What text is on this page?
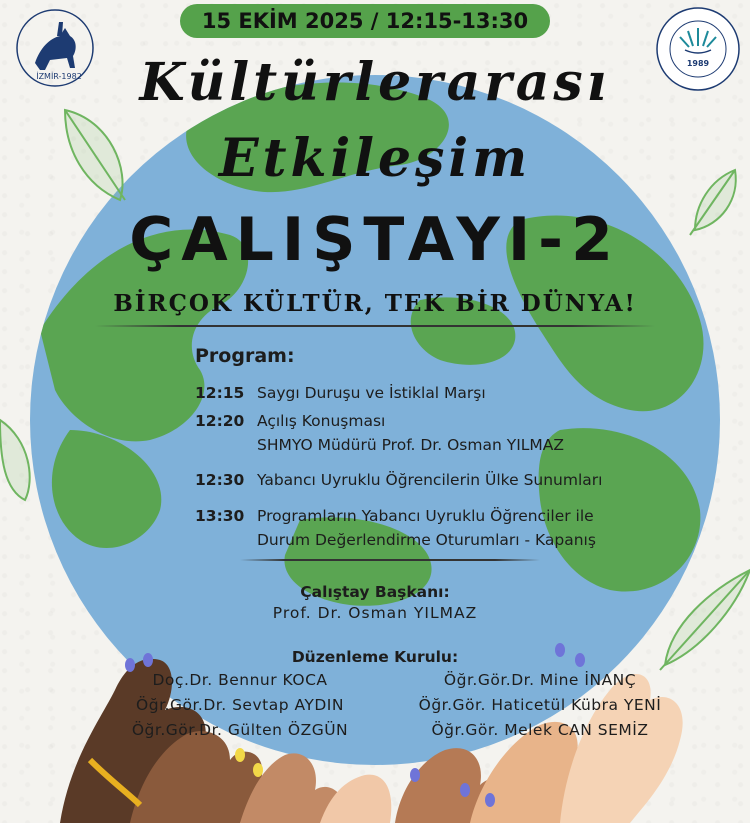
İZMİR-1982
1989
15 EKİM 2025 / 12:15-13:30
Kültürlerarası
Etkileşim
ÇALIŞTAYI-2
BİRÇOK KÜLTÜR, TEK BİR DÜNYA!
Program:
12:15 Saygı Duruşu ve İstiklal Marşı
12:20 Açılış Konuşması
SHMYO Müdürü Prof. Dr. Osman YILMAZ
12:30 Yabancı Uyruklu Öğrencilerin Ülke Sunumları
13:30 Programların Yabancı Uyruklu Öğrenciler ile
Durum Değerlendirme Oturumları - Kapanış
Çalıştay Başkanı:
Prof. Dr. Osman YILMAZ
Düzenleme Kurulu:
Doç.Dr. Bennur KOCA
Öğr.Gör.Dr. Sevtap AYDIN
Öğr.Gör.Dr. Gülten ÖZGÜN
Öğr.Gör.Dr. Mine İNANÇ
Öğr.Gör. Haticetül Kübra YENİ
Öğr.Gör. Melek CAN SEMİZ
